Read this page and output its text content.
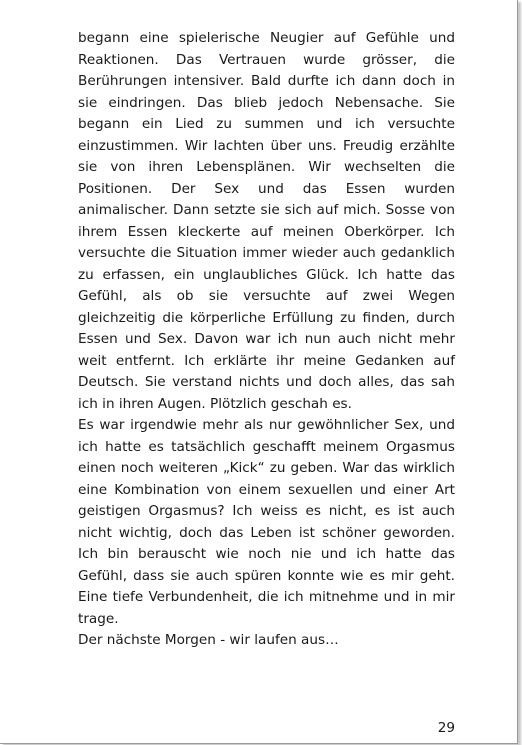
begann eine spielerische Neugier auf Gefühle und Reaktionen. Das Vertrauen wurde grösser, die Berührungen intensiver. Bald durfte ich dann doch in sie eindringen. Das blieb jedoch Nebensache. Sie begann ein Lied zu summen und ich versuchte einzustimmen. Wir lachten über uns. Freudig erzählte sie von ihren Lebensplänen. Wir wechselten die Positionen. Der Sex und das Essen wurden animalischer. Dann setzte sie sich auf mich. Sosse von ihrem Essen kleckerte auf meinen Oberkörper. Ich versuchte die Situation immer wieder auch gedanklich zu erfassen, ein unglaubliches Glück. Ich hatte das Gefühl, als ob sie versuchte auf zwei Wegen gleichzeitig die körperliche Erfüllung zu finden, durch Essen und Sex. Davon war ich nun auch nicht mehr weit entfernt. Ich erklärte ihr meine Gedanken auf Deutsch. Sie verstand nichts und doch alles, das sah ich in ihren Augen. Plötzlich geschah es.

Es war irgendwie mehr als nur gewöhnlicher Sex, und ich hatte es tatsächlich geschafft meinem Orgasmus einen noch weiteren „Kick“ zu geben. War das wirklich eine Kombination von einem sexuellen und einer Art geistigen Orgasmus? Ich weiss es nicht, es ist auch nicht wichtig, doch das Leben ist schöner geworden. Ich bin berauscht wie noch nie und ich hatte das Gefühl, dass sie auch spüren konnte wie es mir geht. Eine tiefe Verbundenheit, die ich mitnehme und in mir trage.

Der nächste Morgen - wir laufen aus…

29
